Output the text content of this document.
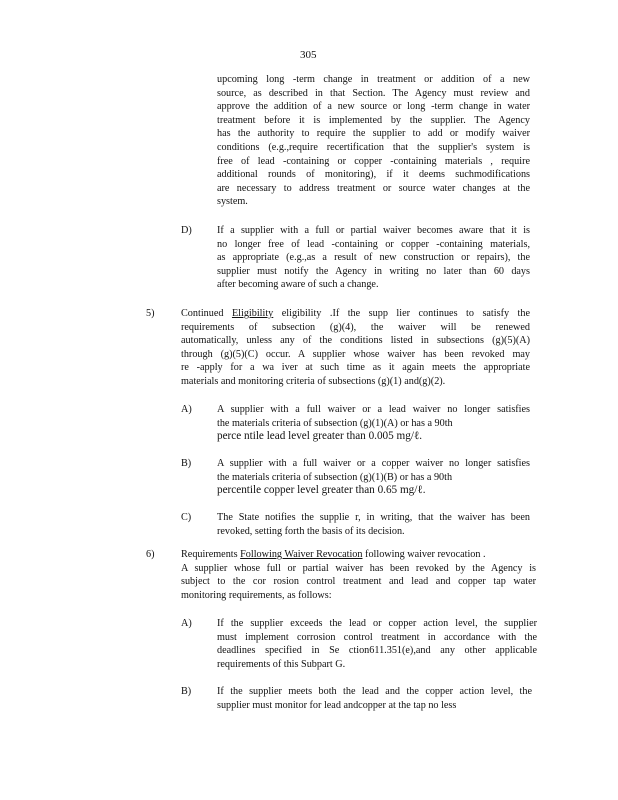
305
upcoming long -term change in treatment or addition of a new
source, as described in that Section. The Agency must review and
approve the addition of a new source or long -term change in water
treatment before it is implemented by the supplier. The Agency
has the authority to require the supplier to add or modify waiver
conditions (e.g.,require recertification that the supplier's system is
free of lead -containing or copper -containing materials , require
additional rounds of monitoring), if it deems suchmodifications
are necessary to address treatment or source water changes at the
system.
D) If a supplier with a full or partial waiver becomes aware that it is
no longer free of lead -containing or copper -containing materials,
as appropriate (e.g.,as a result of new construction or repairs), the
supplier must notify the Agency in writing no later than 60 days
after becoming aware of such a change.
5)	Continued Eligibility eligibility .If the supp lier continues to satisfy the
requirements of subsection (g)(4), the waiver will be renewed
automatically, unless any of the conditions listed in subsections (g)(5)(A)
through (g)(5)(C) occur. A supplier whose waiver has been revoked may
re -apply for a wa iver at such time as it again meets the appropriate
materials and monitoring criteria of subsections (g)(1) and(g)(2).
A) A supplier with a full waiver or a lead waiver no longer satisfies
the materials criteria of subsection (g)(1)(A) or has a 90th
perce ntile lead level greater than 0.005 mg/ℓ.
B)	A supplier with a full waiver or a copper waiver no longer satisfies
the materials criteria of subsection (g)(1)(B) or has a 90th
percentile copper level greater than 0.65 mg/ℓ.
C)	The State notifies the supplie r, in writing, that the waiver has been
revoked, setting forth the basis of its decision.
6)	Requirements Following Waiver Revocation following waiver revocation .
A supplier whose full or partial waiver has been revoked by the Agency is
subject to the cor rosion control treatment and lead and copper tap water
monitoring requirements, as follows:
A) If the supplier exceeds the lead or copper action level, the supplier
must implement corrosion control treatment in accordance with the
deadlines specified in Se ction611.351(e),and any other applicable
requirements of this Subpart G.
B)	If the supplier meets both the lead and the copper action level, the
supplier must monitor for lead andcopper at the tap no less
